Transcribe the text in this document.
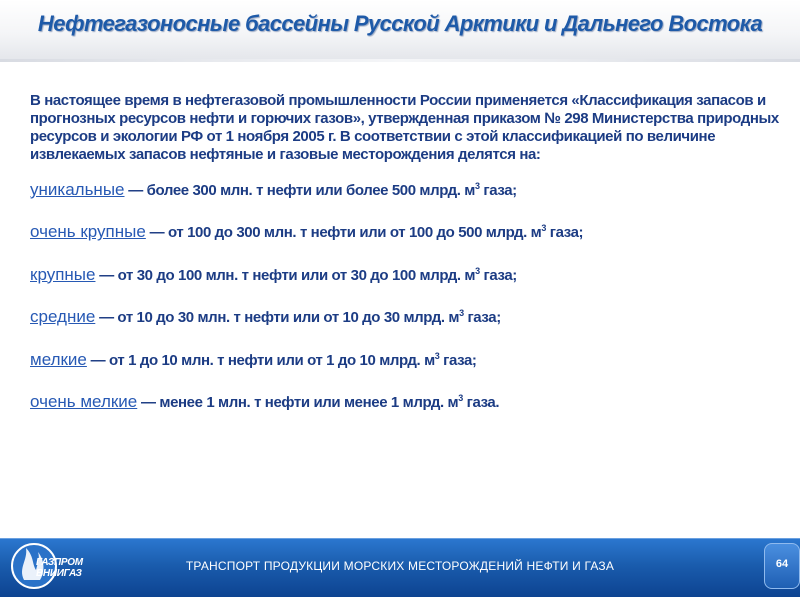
Нефтегазоносные бассейны Русской Арктики и Дальнего Востока

В настоящее время в нефтегазовой промышленности России применяется «Классификация запасов и прогнозных ресурсов нефти и горючих газов», утвержденная приказом № 298 Министерства природных ресурсов и экологии РФ от 1 ноября 2005 г. В соответствии с этой классификацией по величине извлекаемых запасов нефтяные и газовые месторождения делятся на:

уникальные — более 300 млн. т нефти или более 500 млрд. $м^3$ газа;
очень крупные — от 100 до 300 млн. т нефти или от 100 до 500 млрд. $м^3$ газа;
крупные — от 30 до 100 млн. т нефти или от 30 до 100 млрд. $м^3$ газа;
средние — от 10 до 30 млн. т нефти или от 10 до 30 млрд. $м^3$ газа;
мелкие — от 1 до 10 млн. т нефти или от 1 до 10 млрд. $м^3$ газа;
очень мелкие — менее 1 млн. т нефти или менее 1 млрд. $м^3$ газа.
ГАЗПРОМ
ВНИИГАЗ	ТРАНСПОРТ ПРОДУКЦИИ МОРСКИХ МЕСТОРОЖДЕНИЙ НЕФТИ И ГАЗА	64
